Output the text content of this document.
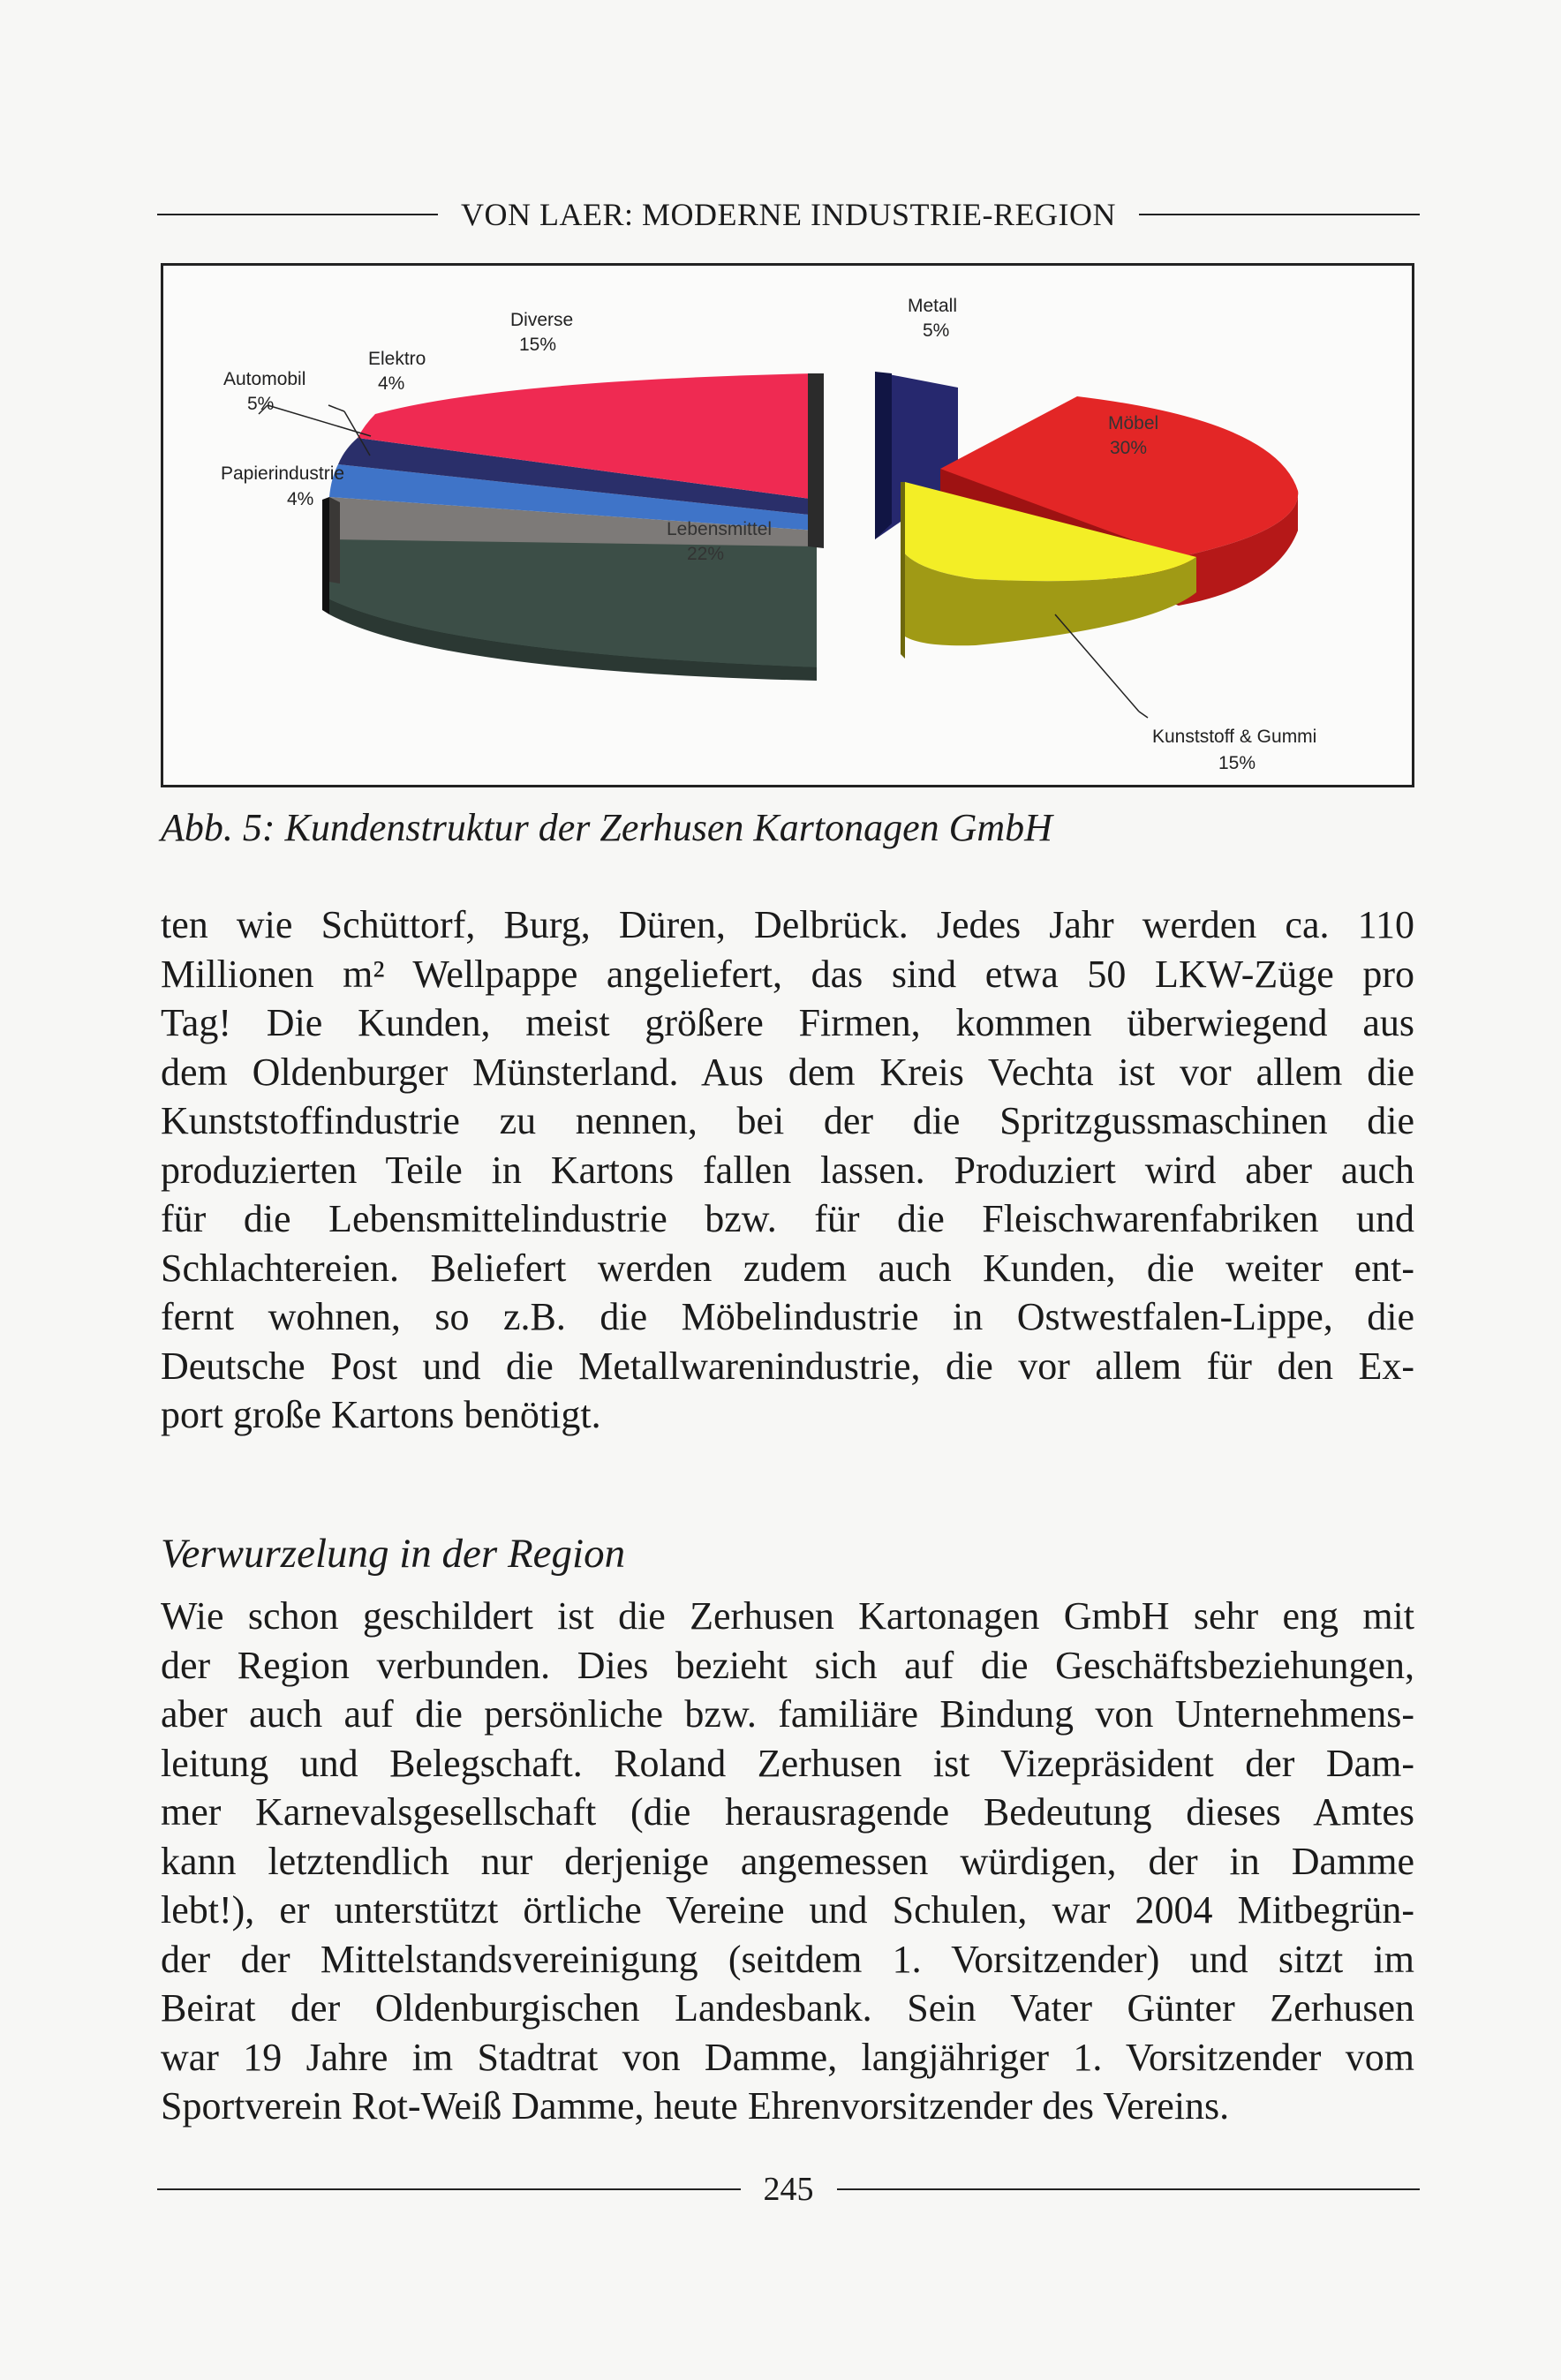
VON LAER: MODERNE INDUSTRIE-REGION
Automobil
5%
Elektro
4%
Diverse
15%
Metall
5%
Möbel
30%
Kunststoff & Gummi
15%
Lebensmittel
22%
Papierindustrie
4%
Abb. 5: Kundenstruktur der Zerhusen Kartonagen GmbH
ten wie Schüttorf, Burg, Düren, Delbrück. Jedes Jahr werden ca. 110
Millionen m² Wellpappe angeliefert, das sind etwa 50 LKW-Züge pro
Tag! Die Kunden, meist größere Firmen, kommen überwiegend aus
dem Oldenburger Münsterland. Aus dem Kreis Vechta ist vor allem die
Kunststoffindustrie zu nennen, bei der die Spritzgussmaschinen die
produzierten Teile in Kartons fallen lassen. Produziert wird aber auch
für die Lebensmittelindustrie bzw. für die Fleischwarenfabriken und
Schlachtereien. Beliefert werden zudem auch Kunden, die weiter ent-
fernt wohnen, so z.B. die Möbelindustrie in Ostwestfalen-Lippe, die
Deutsche Post und die Metallwarenindustrie, die vor allem für den Ex-
port große Kartons benötigt.
Verwurzelung in der Region
Wie schon geschildert ist die Zerhusen Kartonagen GmbH sehr eng mit
der Region verbunden. Dies bezieht sich auf die Geschäftsbeziehungen,
aber auch auf die persönliche bzw. familiäre Bindung von Unternehmens-
leitung und Belegschaft. Roland Zerhusen ist Vizepräsident der Dam-
mer Karnevalsgesellschaft (die herausragende Bedeutung dieses Amtes
kann letztendlich nur derjenige angemessen würdigen, der in Damme
lebt!), er unterstützt örtliche Vereine und Schulen, war 2004 Mitbegrün-
der der Mittelstandsvereinigung (seitdem 1. Vorsitzender) und sitzt im
Beirat der Oldenburgischen Landesbank. Sein Vater Günter Zerhusen
war 19 Jahre im Stadtrat von Damme, langjähriger 1. Vorsitzender vom
Sportverein Rot-Weiß Damme, heute Ehrenvorsitzender des Vereins.
245
